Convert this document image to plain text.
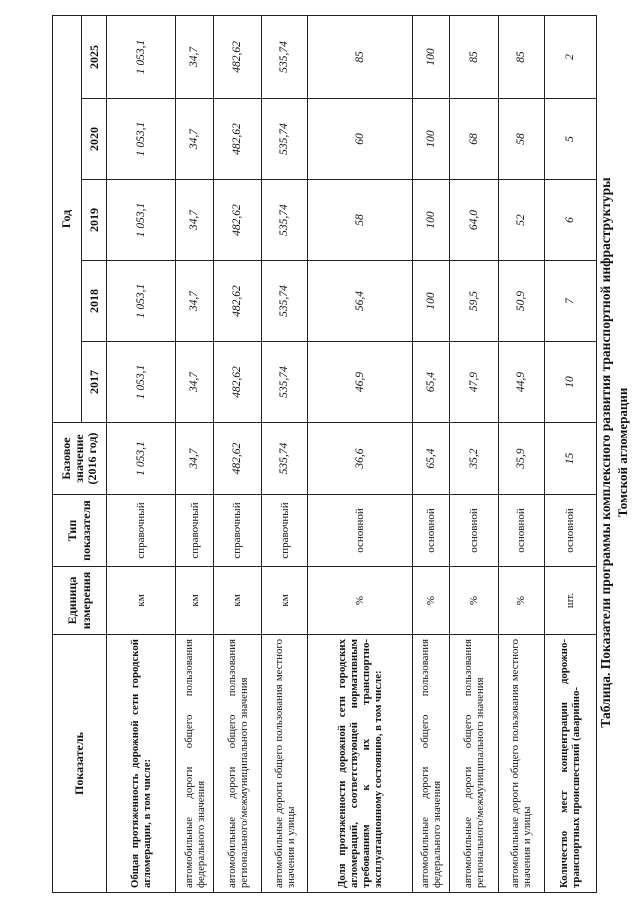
Таблица. Показатели программы комплексного развития транспортной инфраструктуры Томской агломерации
Показатель	Единица измерения	Тип показателя	Базовое значение (2016 год)	Год				
				2017	2018	2019	2020	2025
Общая протяженность дорожной сети городской агломерации, в том числе:	км	справочный	1 053,1	1 053,1	1 053,1	1 053,1	1 053,1	1 053,1
автомобильные дороги общего пользования федерального значения	км	справочный	34,7	34,7	34,7	34,7	34,7	34,7
автомобильные дороги общего пользования регионального/межмуниципального значения	км	справочный	482,62	482,62	482,62	482,62	482,62	482,62
автомобильные дороги общего пользования местного значения и улицы	км	справочный	535,74	535,74	535,74	535,74	535,74	535,74
Доля протяженности дорожной сети городских агломераций, соответствующей нормативным требованиям к их транспортно-эксплуатационному состоянию, в том числе:	%	основной	36,6	46,9	56,4	58	60	85
автомобильные дороги общего пользования федерального значения	%	основной	65,4	65,4	100	100	100	100
автомобильные дороги общего пользования регионального/межмуниципального значения	%	основной	35,2	47,9	59,5	64,0	68	85
автомобильные дороги общего пользования местного значения и улицы	%	основной	35,9	44,9	50,9	52	58	85
Количество мест концентрации дорожно-транспортных происшествий (аварийно-	шт.	основной	15	10	7	6	5	2
